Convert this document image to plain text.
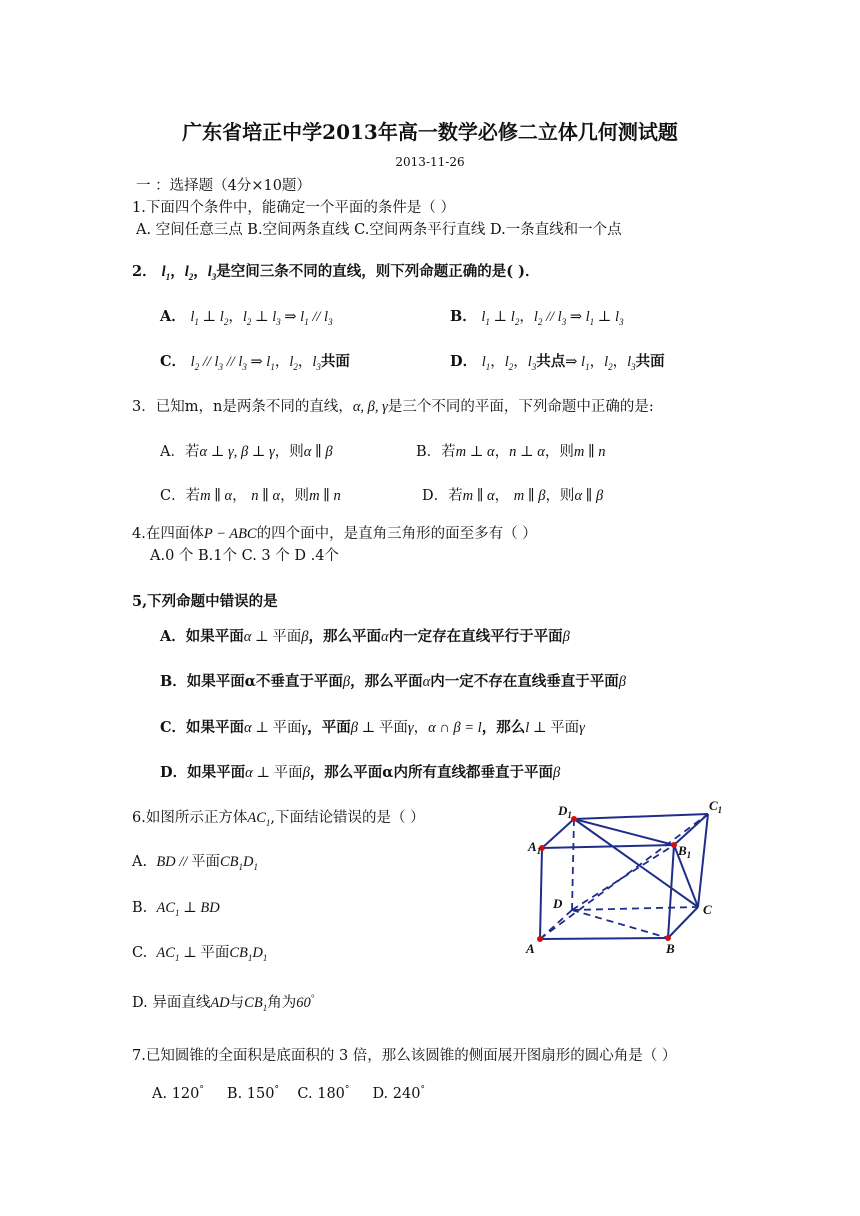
广东省培正中学2013年高一数学必修二立体几何测试题
2013-11-26
一 ：选择题（4分×10题）
1.下面四个条件中，能确定一个平面的条件是（ ）
A. 空间任意三点 B.空间两条直线 C.空间两条平行直线 D.一条直线和一个点
2． $l_1$，$l_2$，$l_3$是空间三条不同的直线，则下列命题正确的是( )．
A． $l_1$ ⊥ $l_2$，$l_2$ ⊥ $l_3$ ⇒ $l_1 // l_3$	B． $l_1$ ⊥ $l_2$，$l_2 // l_3$ ⇒ $l_1$ ⊥ $l_3$
C． $l_2 // l_3 // l_3$ ⇒ $l_1$，$l_2$，$l_3$共面	D． $l_1$，$l_2$，$l_3$共点⇒ $l_1$，$l_2$，$l_3$共面
3．已知m，n是两条不同的直线，α, β, γ是三个不同的平面，下列命题中正确的是:
A．若α ⊥ γ, β ⊥ γ，则α ∥ β	B．若m ⊥ α，n ⊥ α，则m ∥ n
C．若m ∥ α， n ∥ α，则m ∥ n	D．若m ∥ α， m ∥ β，则α ∥ β
4.在四面体P − ABC的四个面中，是直角三角形的面至多有（ ）
A.0 个 B.1个 C. 3 个 D .4个
5,下列命题中错误的是
A．如果平面α ⊥ 平面β，那么平面α内一定存在直线平行于平面β
B．如果平面α不垂直于平面β，那么平面α内一定不存在直线垂直于平面β
C．如果平面α ⊥ 平面γ，平面β ⊥ 平面γ，α ∩ β = l，那么l ⊥ 平面γ
D．如果平面α ⊥ 平面β，那么平面α内所有直线都垂直于平面β
6.如图所示正方体$AC_1$,下面结论错误的是（ ）
A. BD // 平面$CB_1D_1$
B. $AC_1$ ⊥ BD
C. $AC_1$ ⊥ 平面$CB_1D_1$
D. 异面直线AD与$CB_1$角为60°
$D_1$
$C_1$
$A_1$	$B_1$
D	C
A	B
7.已知圆锥的全面积是底面积的 3 倍，那么该圆锥的侧面展开图扇形的圆心角是（ ）
A. 120° B. 150° C. 180° D. 240°
